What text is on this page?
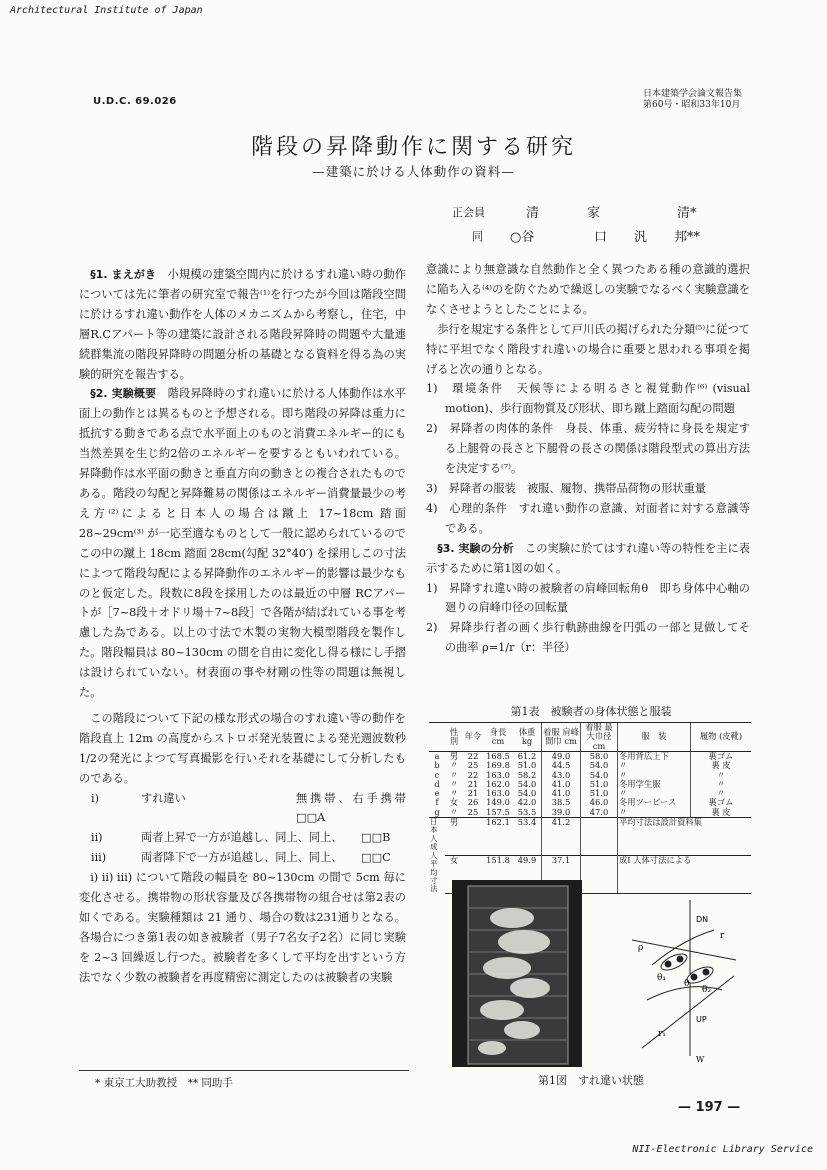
Architectural Institute of Japan
U.D.C. 69.026
日本建築学会論文報告集
第60号・昭和33年10月
階段の昇降動作に関する研究
—建築に於ける人体動作の資料—
正会員	清	家	清*
同 ○谷	口 汎 邦**

§1. まえがき　 小規模の建築空間内に於けるすれ違い時の動作については先に筆者の研究室で報告⁽¹⁾を行つたが今回は階段空間に於けるすれ違い動作を人体のメカニズムから考察し，住宅，中層R.Cアパート等の建築に設計される階段昇降時の問題や大量連続群集流の階段昇降時の問題分析の基礎となる資料を得る為の実験的研究を報告する。

§2. 実験概要　 階段昇降時のすれ違いに於ける人体動作は水平面上の動作とは異るものと予想される。即ち階段の昇降は重力に抵抗する動きである点で水平面上のものと消費エネルギー的にも当然差異を生じ約2倍のエネルギーを要するともいわれている。昇降動作は水平面の動きと垂直方向の動きとの複合されたものである。階段の勾配と昇降難易の関係はエネルギー消費量最少の考え方⁽²⁾によると日本人の場合は蹴上 17~18cm 踏面 28~29cm⁽³⁾ が一応至適なものとして一般に認められているのでこの中の蹴上 18cm 踏面 28cm(勾配 32°40′) を採用しこの寸法によつて階段勾配による昇降動作のエネルギー的影響は最少なものと仮定した。段数に8段を採用したのは最近の中層 RCアパートが［7~8段＋オドリ場＋7~8段］で各階が結ばれている事を考慮した為である。以上の寸法で木製の実物大模型階段を製作した。階段幅員は 80~130cm の間を自由に変化し得る様にし手摺は設けられていない。材表面の事や材剛の性等の問題は無視した。

この階段について下記の様な形式の場合のすれ違い等の動作を階段直上 12m の高度からストロボ発光装置による発光週波数秒1/2の発光によつて写真撮影を行いそれを基礎にして分析したものである。

i)	すれ違い	無携帯、右手携帯　□□A
ii)	両者上昇で一方が追越し、同上、同上、	□□B
iii)	両者降下で一方が追越し、同上、同上、	□□C

i) ii) iii) について階段の幅員を 80~130cm の間で 5cm 毎に変化させる。携帯物の形状容量及び各携帯物の組合せは第2表の如くである。実験種類は 21 通り、場合の数は231通りとなる。各場合につき第1表の如き被験者（男子7名女子2名）に同じ実験を 2~3 回繰返し行つた。被験者を多くして平均を出すという方法でなく少数の被験者を再度精密に測定したのは被験者の実験

* 東京工大助教授　** 同助手

意識により無意識な自然動作と全く異つたある種の意識的選択に陥ち入る⁽⁴⁾のを防ぐためで繰返しの実験でなるべく実験意識をなくさせようとしたことによる。

歩行を規定する条件として戸川氏の掲げられた分類⁽⁵⁾に従つて特に平坦でなく階段すれ違いの場合に重要と思われる事項を掲げると次の通りとなる。

1)　環境条件　天候等による明るさと視覚動作⁽⁶⁾ (visual motion)、歩行面物質及び形状、即ち蹴上踏面勾配の問題

2)　昇降者の肉体的条件　身長、体重、疲労特に身長を規定する上腿骨の長さと下腿骨の長さの関係は階段型式の算出方法を決定する⁽⁷⁾。

3)　昇降者の服装　被服、履物、携帯品荷物の形状重量

4)　心理的条件　すれ違い動作の意識、対面者に対する意識等である。

§3. 実験の分析　 この実験に於てはすれ違い等の特性を主に表示するために第1図の如く。

1)　昇降すれ違い時の被験者の肩峰回転角θ　即ち身体中心軸の廻りの肩峰巾径の回転量

2)　昇降歩行者の画く歩行軌跡曲線を円弧の一部と見做してその曲率 ρ=1/r（r：半径）

第1表　被験者の身体状態と服装
	性別	年令	身長 cm	体重 kg	着服 肩峰間巾 cm	着服 最大巾径 cm	服　装	履物 (皮靴)
a	男	22	168.5	61.2	49.0	58.0	冬用背広上下	裏ゴム
b	〃	25	169.8	51.0	44.5	54.0	〃	裏 皮
c	〃	22	163.0	58.2	43.0	54.0	〃	〃
d	〃	21	162.0	54.0	41.0	51.0	冬用学生服	〃
e	〃	21	163.0	54.0	41.0	51.0	〃	〃
f	女	26	149.0	42.0	38.5	46.0	冬用ツーピース	裏ゴム
g	〃	25	157.5	53.5	39.0	47.0	〃	裏 皮
日本人成人平均寸法	男		162.1	53.4	41.2		平均寸法は設計資料集	
	女		151.8	49.9	37.1		成Ⅰ 人体寸法による	
DN
UP
θ₁
θ₂
θ
r
ρ
r₁
W
第1図　すれ違い状態
— 197 —
NII-Electronic Library Service
